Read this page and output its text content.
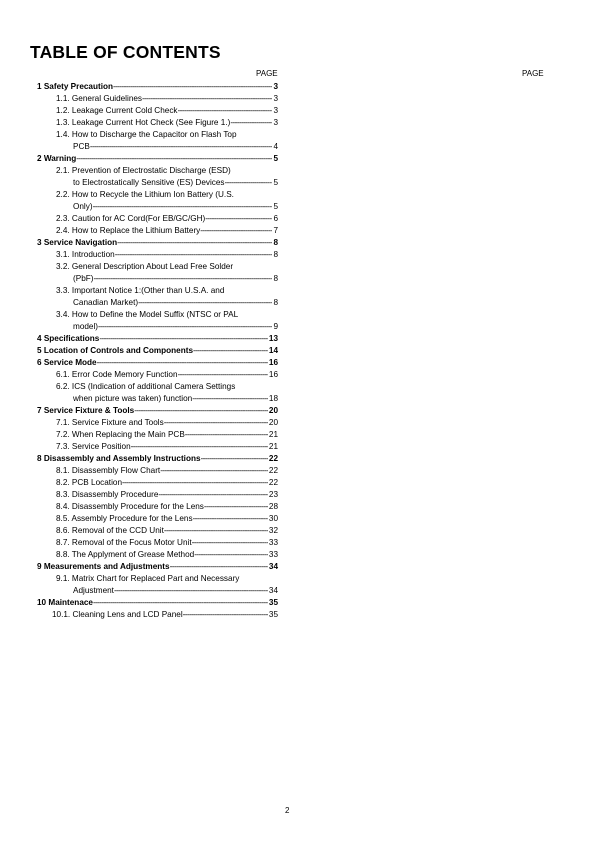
TABLE OF CONTENTS
PAGE	PAGE
1 Safety Precaution -----	3
1.1. General Guidelines -----	3
1.2. Leakage Current Cold Check -----	3
1.3. Leakage Current Hot Check (See Figure 1.) -----	3
1.4. How to Discharge the Capacitor on Flash Top
PCB -----	4
2 Warning -----	5
2.1. Prevention of Electrostatic Discharge (ESD)
to Electrostatically Sensitive (ES) Devices -----	5
2.2. How to Recycle the Lithium Ion Battery (U.S.
Only) -----	5
2.3. Caution for AC Cord(For EB/GC/GH) -----	6
2.4. How to Replace the Lithium Battery -----	7
3 Service Navigation -----	8
3.1. Introduction -----	8
3.2. General Description About Lead Free Solder
(PbF) -----	8
3.3. Important Notice 1:(Other than U.S.A. and
Canadian Market) -----	8
3.4. How to Define the Model Suffix (NTSC or PAL
model) -----	9
4 Specifications -----	13
5 Location of Controls and Components -----	14
6 Service Mode -----	16
6.1. Error Code Memory Function -----	16
6.2. ICS (Indication of additional Camera Settings
when picture was taken) function -----	18
7 Service Fixture & Tools -----	20
7.1. Service Fixture and Tools -----	20
7.2. When Replacing the Main PCB -----	21
7.3. Service Position -----	21
8 Disassembly and Assembly Instructions -----	22
8.1. Disassembly Flow Chart -----	22
8.2. PCB Location -----	22
8.3. Disassembly Procedure -----	23
8.4. Disassembly Procedure for the Lens -----	28
8.5. Assembly Procedure for the Lens -----	30
8.6. Removal of the CCD Unit -----	32
8.7. Removal of the Focus Motor Unit -----	33
8.8. The Applyment of Grease Method -----	33
9 Measurements and Adjustments -----	34
9.1. Matrix Chart for Replaced Part and Necessary
Adjustment -----	34
10 Maintenace -----	35
10.1. Cleaning Lens and LCD Panel -----	35
2
